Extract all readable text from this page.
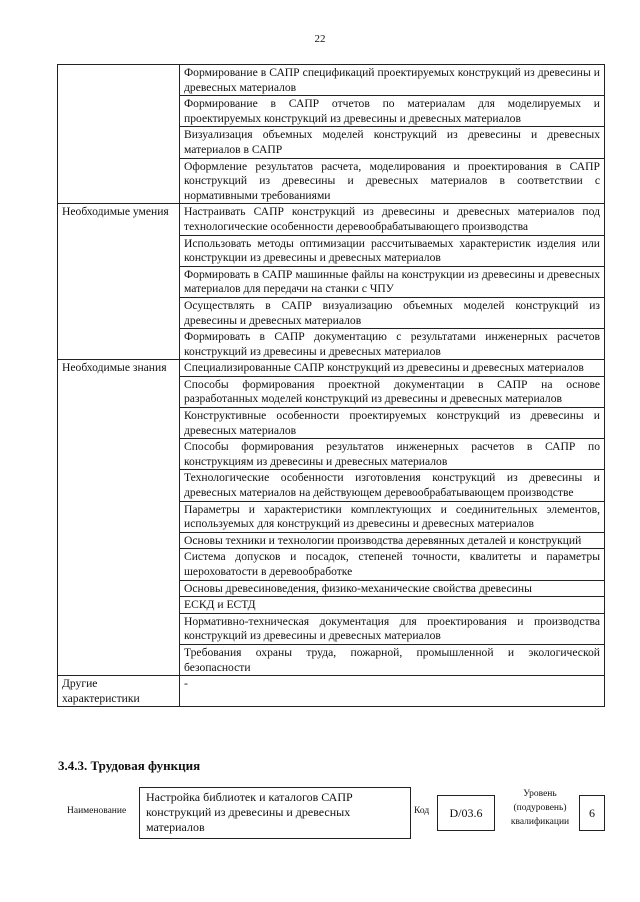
22
	Формирование в САПР спецификаций проектируемых конструкций из древесины и древесных материалов
	Формирование в САПР отчетов по материалам для моделируемых и проектируемых конструкций из древесины и древесных материалов
	Визуализация объемных моделей конструкций из древесины и древесных материалов в САПР
	Оформление результатов расчета, моделирования и проектирования в САПР конструкций из древесины и древесных материалов в соответствии с нормативными требованиями
Необходимые умения	Настраивать САПР конструкций из древесины и древесных материалов под технологические особенности деревообрабатывающего производства
	Использовать методы оптимизации рассчитываемых характеристик изделия или конструкции из древесины и древесных материалов
	Формировать в САПР машинные файлы на конструкции из древесины и древесных материалов для передачи на станки с ЧПУ
	Осуществлять в САПР визуализацию объемных моделей конструкций из древесины и древесных материалов
	Формировать в САПР документацию с результатами инженерных расчетов конструкций из древесины и древесных материалов
Необходимые знания	Специализированные САПР конструкций из древесины и древесных материалов
	Способы формирования проектной документации в САПР на основе разработанных моделей конструкций из древесины и древесных материалов
	Конструктивные особенности проектируемых конструкций из древесины и древесных материалов
	Способы формирования результатов инженерных расчетов в САПР по конструкциям из древесины и древесных материалов
	Технологические особенности изготовления конструкций из древесины и древесных материалов на действующем деревообрабатывающем производстве
	Параметры и характеристики комплектующих и соединительных элементов, используемых для конструкций из древесины и древесных материалов
	Основы техники и технологии производства деревянных деталей и конструкций
	Система допусков и посадок, степеней точности, квалитеты и параметры шероховатости в деревообработке
	Основы древесиноведения, физико-механические свойства древесины
	ЕСКД и ЕСТД
	Нормативно-техническая документация для проектирования и производства конструкций из древесины и древесных материалов
	Требования охраны труда, пожарной, промышленной и экологической безопасности
Другие характеристики	-
3.4.3. Трудовая функция
Наименование
Настройка библиотек и каталогов САПР конструкций из древесины и древесных материалов
Код	D/03.6
Уровень (подуровень) квалификации
6
